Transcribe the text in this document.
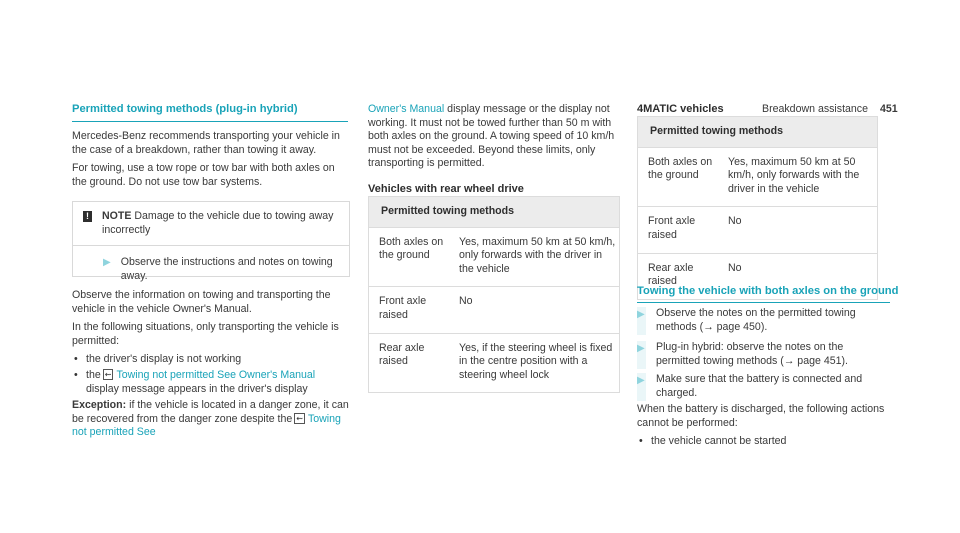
Breakdown assistance 451
Permitted towing methods (plug-in hybrid)

Mercedes-Benz recommends transporting your vehicle in the case of a breakdown, rather than towing it away.

For towing, use a tow rope or tow bar with both axles on the ground. Do not use tow bar systems.

! NOTE Damage to the vehicle due to towing away incorrectly
▶ Observe the instructions and notes on towing away.

Observe the information on towing and transporting the vehicle in the vehicle Owner's Manual.

In the following situations, only transporting the vehicle is permitted:

• the driver's display is not working
• the ⇜ Towing not permitted See Owner's Manual display message appears in the driver's display

Exception: if the vehicle is located in a danger zone, it can be recovered from the danger zone despite the ⇜ Towing not permitted See

Owner's Manual display message or the display not working. It must not be towed further than 50 m with both axles on the ground. A towing speed of 10 km/h must not be exceeded. Beyond these limits, only transporting is permitted.

Vehicles with rear wheel drive
Permitted towing methods	
Both axles on the ground	Yes, maximum 50 km at 50 km/h, only forwards with the driver in the vehicle
Front axle raised	No
Rear axle raised	Yes, if the steering wheel is fixed in the centre position with a steering wheel lock
4MATIC vehicles
Permitted towing methods	
Both axles on the ground	Yes, maximum 50 km at 50 km/h, only forwards with the driver in the vehicle
Front axle raised	No
Rear axle raised	No
Towing the vehicle with both axles on the ground
▶ Observe the notes on the permitted towing methods (→ page 450).
▶ Plug-in hybrid: observe the notes on the permitted towing methods (→ page 451).
▶ Make sure that the battery is connected and charged.

When the battery is discharged, the following actions cannot be performed:

• the vehicle cannot be started
